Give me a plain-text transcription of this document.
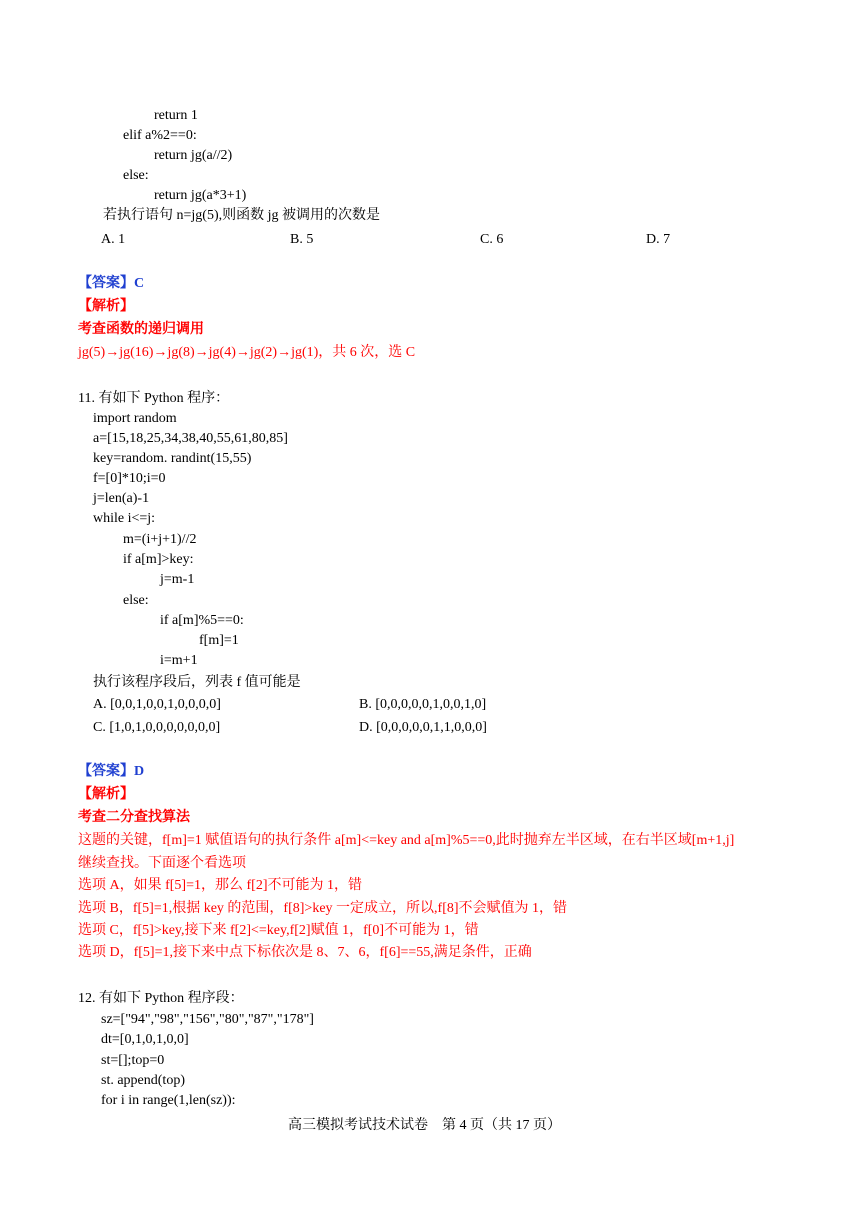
return 1
elif a%2==0:
return jg(a//2)
else:
return jg(a*3+1)
若执行语句 n=jg(5),则函数 jg 被调用的次数是
A. 1	B. 5	C. 6	D. 7
【答案】C
【解析】
考查函数的递归调用
jg(5)→jg(16)→jg(8)→jg(4)→jg(2)→jg(1)，共 6 次，选 C
11. 有如下 Python 程序：
import random
a=[15,18,25,34,38,40,55,61,80,85]
key=random. randint(15,55)
f=[0]*10;i=0
j=len(a)-1
while i<=j:
m=(i+j+1)//2
if a[m]>key:
j=m-1
else:
if a[m]%5==0:
f[m]=1
i=m+1
执行该程序段后，列表 f 值可能是
A. [0,0,1,0,0,1,0,0,0,0]	B. [0,0,0,0,0,1,0,0,1,0]
C. [1,0,1,0,0,0,0,0,0,0]	D. [0,0,0,0,0,1,1,0,0,0]
【答案】D
【解析】
考查二分查找算法
这题的关键，f[m]=1 赋值语句的执行条件 a[m]<=key and a[m]%5==0,此时抛弃左半区域，在右半区域[m+1,j]
继续查找。下面逐个看选项
选项 A，如果 f[5]=1，那么 f[2]不可能为 1，错
选项 B，f[5]=1,根据 key 的范围，f[8]>key 一定成立，所以,f[8]不会赋值为 1，错
选项 C，f[5]>key,接下来 f[2]<=key,f[2]赋值 1，f[0]不可能为 1，错
选项 D，f[5]=1,接下来中点下标依次是 8、7、6，f[6]==55,满足条件，正确
12. 有如下 Python 程序段：
sz=["94","98","156","80","87","178"]
dt=[0,1,0,1,0,0]
st=[];top=0
st. append(top)
for i in range(1,len(sz)):
高三模拟考试技术试卷　第 4 页（共 17 页）
